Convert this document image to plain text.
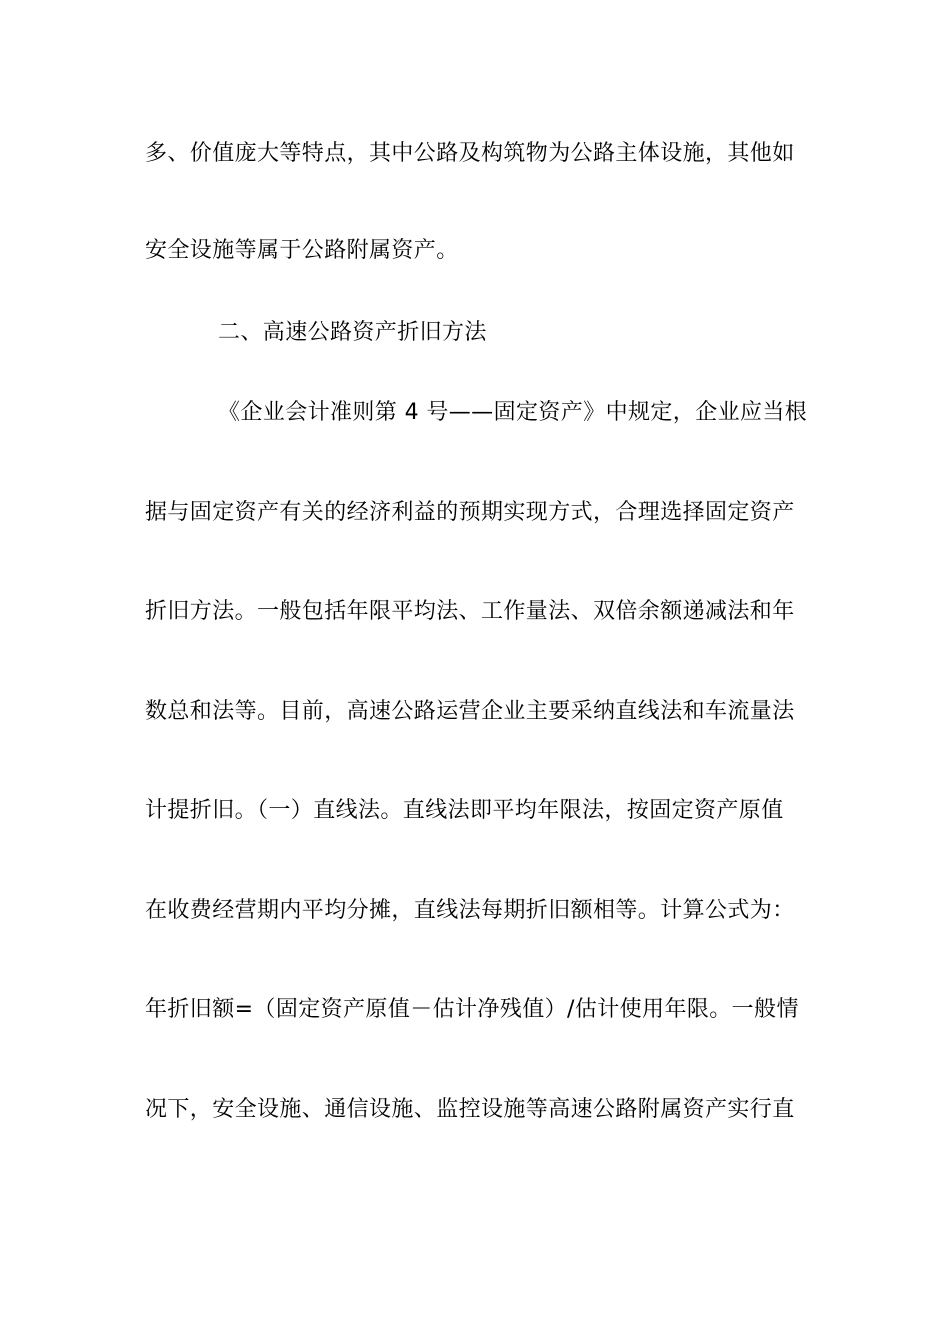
多、价值庞大等特点，其中公路及构筑物为公路主体设施，其他如
安全设施等属于公路附属资产。
二、高速公路资产折旧方法
《企业会计准则第 4 号——固定资产》中规定，企业应当根
据与固定资产有关的经济利益的预期实现方式，合理选择固定资产
折旧方法。一般包括年限平均法、工作量法、双倍余额递减法和年
数总和法等。目前，高速公路运营企业主要采纳直线法和车流量法
计提折旧。（一）直线法。直线法即平均年限法，按固定资产原值
在收费经营期内平均分摊，直线法每期折旧额相等。计算公式为：
年折旧额=（固定资产原值－估计净残值）/估计使用年限。一般情
况下，安全设施、通信设施、监控设施等高速公路附属资产实行直
